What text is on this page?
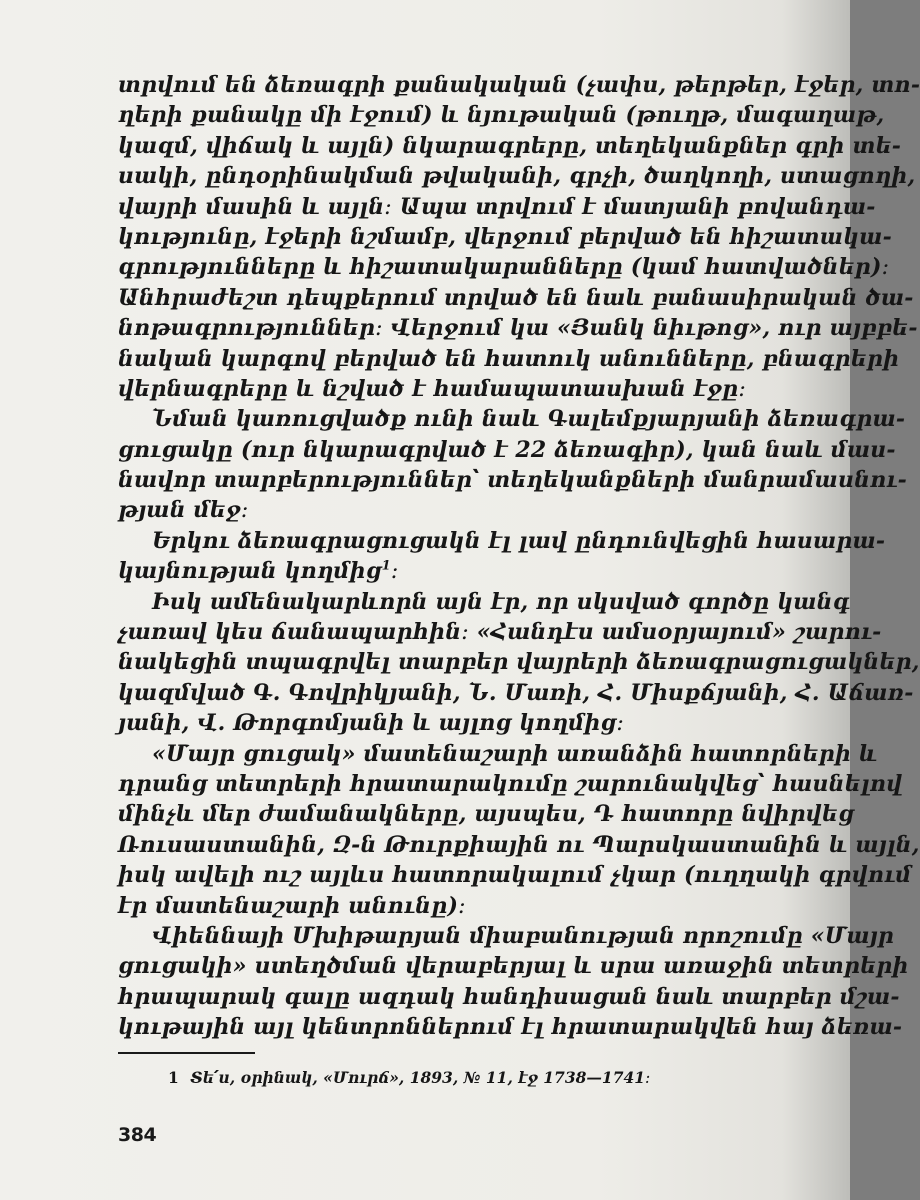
տրվում են ձեռագրի քանակական (չափս, թերթեր, էջեր, տո-
ղերի քանակը մի էջում) և նյութական (թուղթ, մագաղաթ,
կազմ, վիճակ և այլն) նկարագրերը, տեղեկանքներ գրի տե-
սակի, ընդօրինակման թվականի, գրչի, ծաղկողի, ստացողի,
վայրի մասին և այլն։ Ապա տրվում է մատյանի բովանդա-
կությունը, էջերի նշմամբ, վերջում բերված են հիշատակա-
գրությունները և հիշատակարանները (կամ հատվածներ)։
Անհրաժեշտ դեպքերում տրված են նաև բանասիրական ծա-
նոթագրություններ։ Վերջում կա «Յանկ նիւթոց», ուր այբբե-
նական կարգով բերված են հատուկ անունները, բնագրերի
վերնագրերը և նշված է համապատասխան էջը։
Նման կառուցվածք ունի նաև Գալեմքյարյանի ձեռագրա-
ցուցակը (ուր նկարագրված է 22 ձեռագիր), կան նաև մաս-
նավոր տարբերություններ՝ տեղեկանքների մանրամասնու-
թյան մեջ։
Երկու ձեռագրացուցակն էլ լավ ընդունվեցին հասարա-
կայնության կողմից$^1$։
Իսկ ամենակարևորն այն էր, որ սկսված գործը կանգ
չառավ կես ճանապարհին։ «Հանդէս ամսօրյայում» շարու-
նակեցին տպագրվել տարբեր վայրերի ձեռագրացուցակներ,
կազմված Գ. Գովրիկյանի, Ն. Մառի, Հ. Միսքճյանի, Հ. Աճառ-
յանի, Վ. Թորգոմյանի և այլոց կողմից։
«Մայր ցուցակ» մատենաշարի առանձին հատորների և
դրանց տետրերի հրատարակումը շարունակվեց՝ հասնելով
մինչև մեր ժամանակները, այսպես, Դ հատորը նվիրվեց
Ռուսաստանին, Զ-ն Թուրքիային ու Պարսկաստանին և այլն,
իսկ ավելի ուշ այլևս հատորակալում չկար (ուղղակի գրվում
էր մատենաշարի անունը)։
Վիեննայի Մխիթարյան միաբանության որոշումը «Մայր
ցուցակի» ստեղծման վերաբերյալ և սրա առաջին տետրերի
հրապարակ գալը ազդակ հանդիսացան նաև տարբեր մշա-
կութային այլ կենտրոններում էլ հրատարակվեն հայ ձեռա-
1 Տե՛ս, օրինակ, «Մուրճ», 1893, № 11, էջ 1738—1741։
384
